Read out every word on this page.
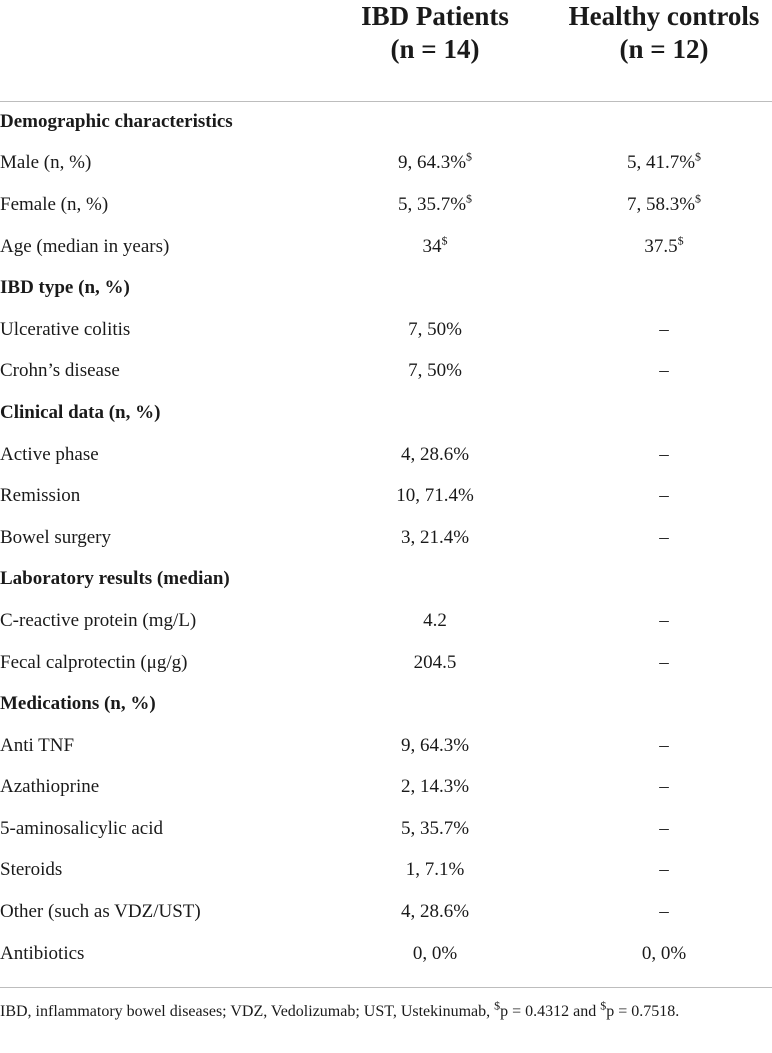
IBD Patients
(n = 14)
Healthy controls
(n = 12)
Demographic characteristics
Male (n, %)	9, 64.3%$	5, 41.7%$
Female (n, %)	5, 35.7%$	7, 58.3%$
Age (median in years)	34$	37.5$
IBD type (n, %)
Ulcerative colitis	7, 50%	–
Crohn’s disease	7, 50%	–
Clinical data (n, %)
Active phase	4, 28.6%	–
Remission	10, 71.4%	–
Bowel surgery	3, 21.4%	–
Laboratory results (median)
C-reactive protein (mg/L)	4.2	–
Fecal calprotectin (μg/g)	204.5	–
Medications (n, %)
Anti TNF	9, 64.3%	–
Azathioprine	2, 14.3%	–
5-aminosalicylic acid	5, 35.7%	–
Steroids	1, 7.1%	–
Other (such as VDZ/UST)	4, 28.6%	–
Antibiotics	0, 0%	0, 0%
IBD, inflammatory bowel diseases; VDZ, Vedolizumab; UST, Ustekinumab, $p = 0.4312 and $p = 0.7518.
